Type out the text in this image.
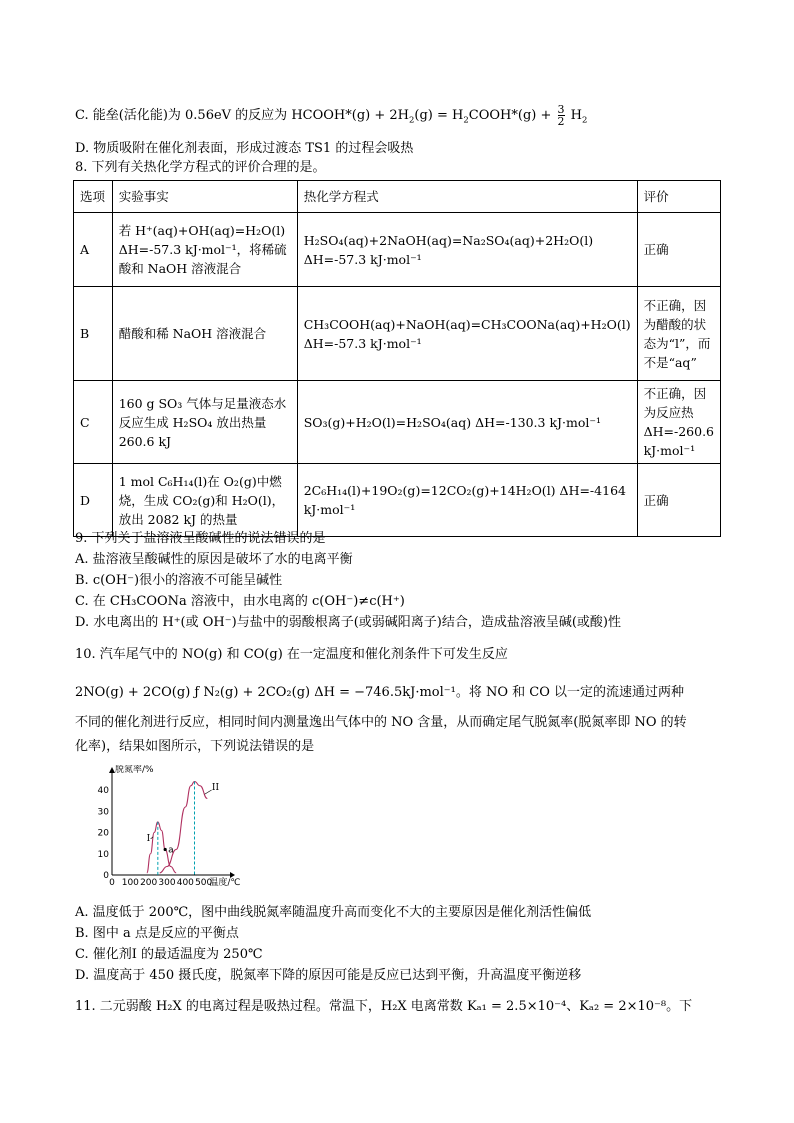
C. 能垒(活化能)为 0.56eV 的反应为 HCOOH*(g) + $2H_2(g)$ = $H_2COOH*(g) + \frac{3}{2} H_2$
D. 物质吸附在催化剂表面，形成过渡态 TS1 的过程会吸热
8. 下列有关热化学方程式的评价合理的是。
选项	实验事实	热化学方程式	评价
A	若 H⁺(aq)+OH(aq)=H₂O(l) ΔH=-57.3 kJ·mol⁻¹，将稀硫酸和 NaOH 溶液混合	H₂SO₄(aq)+2NaOH(aq)=Na₂SO₄(aq)+2H₂O(l) ΔH=-57.3 kJ·mol⁻¹	正确
B	醋酸和稀 NaOH 溶液混合	CH₃COOH(aq)+NaOH(aq)=CH₃COONa(aq)+H₂O(l) ΔH=-57.3 kJ·mol⁻¹	不正确，因为醋酸的状态为“l”，而不是“aq”
C	160 g SO₃ 气体与足量液态水反应生成 H₂SO₄ 放出热量 260.6 kJ	SO₃(g)+H₂O(l)=H₂SO₄(aq) ΔH=-130.3 kJ·mol⁻¹	不正确，因为反应热 ΔH=-260.6 kJ·mol⁻¹
D	1 mol C₆H₁₄(l)在 O₂(g)中燃烧，生成 CO₂(g)和 H₂O(l)，放出 2082 kJ 的热量	2C₆H₁₄(l)+19O₂(g)=12CO₂(g)+14H₂O(l) ΔH=-4164 kJ·mol⁻¹	正确
9. 下列关于盐溶液呈酸碱性的说法错误的是
A. 盐溶液呈酸碱性的原因是破坏了水的电离平衡
B. c(OH⁻)很小的溶液不可能呈碱性
C. 在 CH₃COONa 溶液中，由水电离的 c(OH⁻)≠c(H⁺)
D. 水电离出的 H⁺(或 OH⁻)与盐中的弱酸根离子(或弱碱阳离子)结合，造成盐溶液呈碱(或酸)性
10. 汽车尾气中的 NO(g) 和 CO(g) 在一定温度和催化剂条件下可发生反应
2NO(g) + 2CO(g) ƒ N₂(g) + 2CO₂(g) ΔH = −746.5kJ·mol⁻¹。将 NO 和 CO 以一定的流速通过两种
不同的催化剂进行反应，相同时间内测量逸出气体中的 NO 含量，从而确定尾气脱氮率(脱氮率即 NO 的转
化率)，结果如图所示，下列说法错误的是
0
10
20
30
40
0 100 200 300 400 500
脱氮率/%
温度/℃
a
I
II
A. 温度低于 200℃，图中曲线脱氮率随温度升高而变化不大的主要原因是催化剂活性偏低
B. 图中 a 点是反应的平衡点
C. 催化剂I 的最适温度为 250℃
D. 温度高于 450 摄氏度，脱氮率下降的原因可能是反应已达到平衡，升高温度平衡逆移
11. 二元弱酸 H₂X 的电离过程是吸热过程。常温下，H₂X 电离常数 Kₐ₁ = 2.5×10⁻⁴、Kₐ₂ = 2×10⁻⁸。下
